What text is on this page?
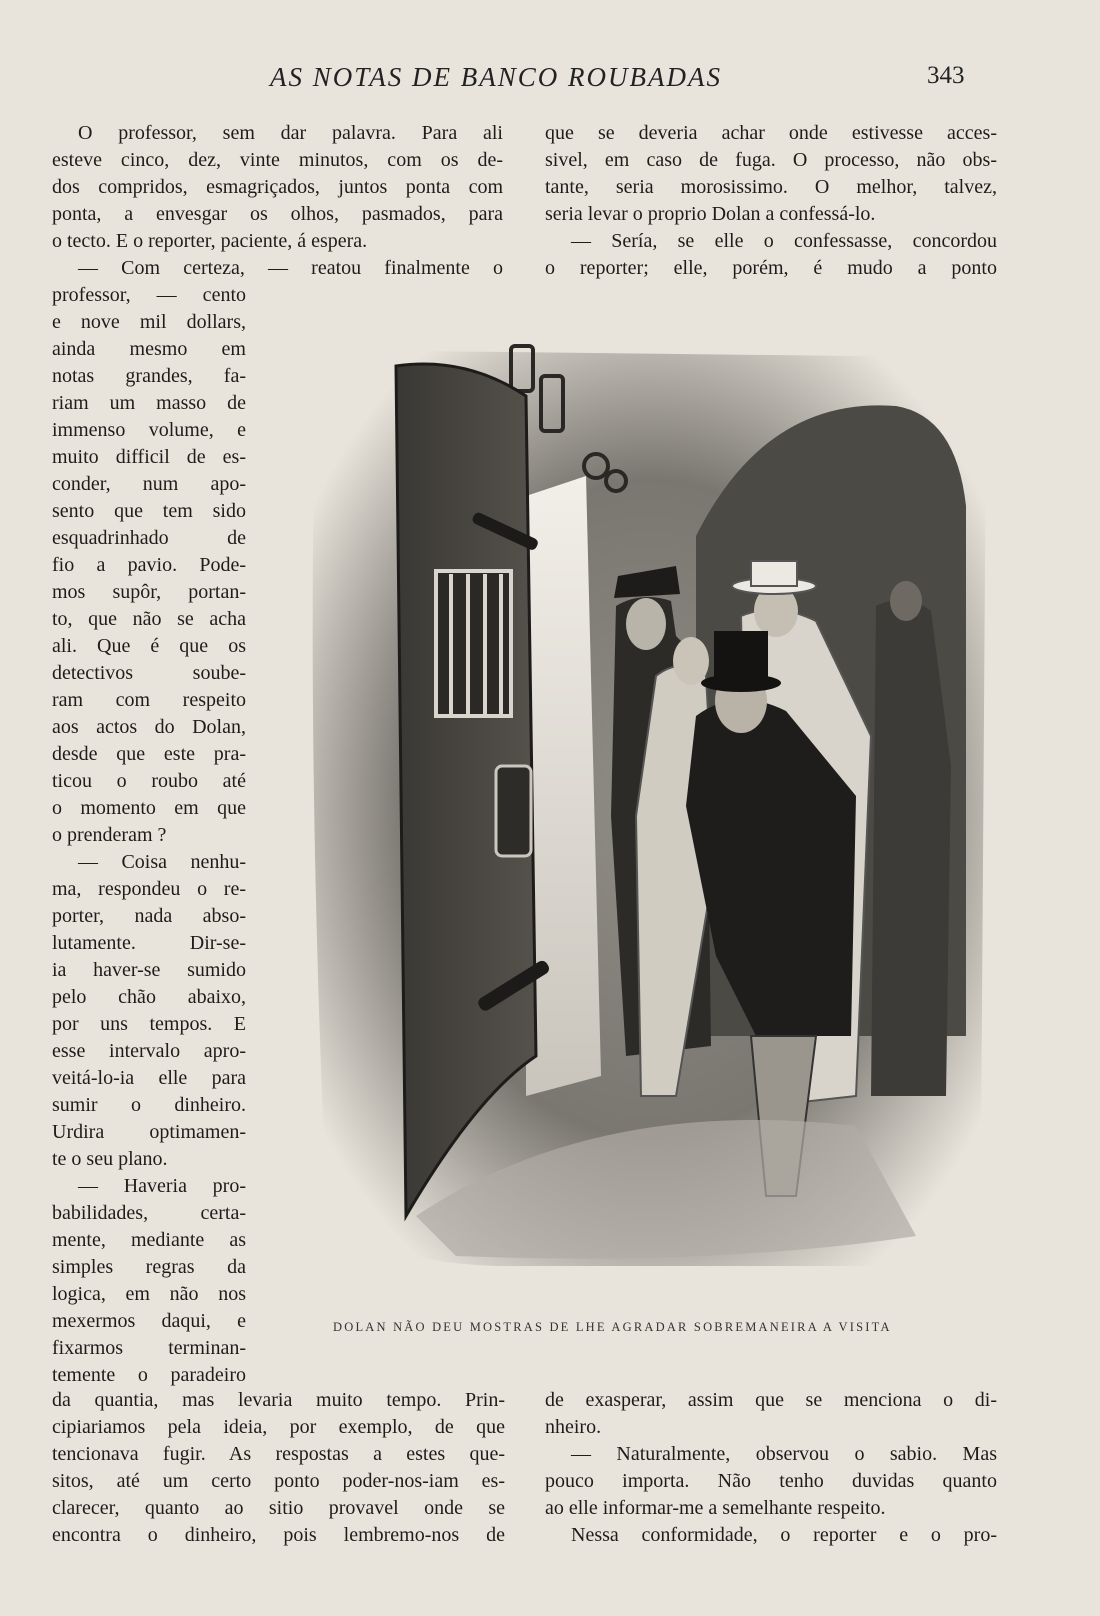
AS NOTAS DE BANCO ROUBADAS	343
O professor, sem dar palavra. Para ali
esteve cinco, dez, vinte minutos, com os de-
dos compridos, esmagriçados, juntos ponta com
ponta, a envesgar os olhos, pasmados, para
o tecto. E o reporter, paciente, á espera.
— Com certeza, — reatou finalmente o
professor, — cento
e nove mil dollars,
ainda mesmo em
notas grandes, fa-
riam um masso de
immenso volume, e
muito difficil de es-
conder, num apo-
sento que tem sido
esquadrinhado de
fio a pavio. Pode-
mos supôr, portan-
to, que não se acha
ali. Que é que os
detectivos soube-
ram com respeito
aos actos do Dolan,
desde que este pra-
ticou o roubo até
o momento em que
o prenderam ?
— Coisa nenhu-
ma, respondeu o re-
porter, nada abso-
lutamente. Dir-se-
ia haver-se sumido
pelo chão abaixo,
por uns tempos. E
esse intervalo apro-
veitá-lo-ia elle para
sumir o dinheiro.
Urdira optimamen-
te o seu plano.
— Haveria pro-
babilidades, certa-
mente, mediante as
simples regras da
logica, em não nos
mexermos daqui, e
fixarmos terminan-
temente o paradeiro
da quantia, mas levaria muito tempo. Prin-
cipiariamos pela ideia, por exemplo, de que
tencionava fugir. As respostas a estes que-
sitos, até um certo ponto poder-nos-iam es-
clarecer, quanto ao sitio provavel onde se
encontra o dinheiro, pois lembremo-nos de
que se deveria achar onde estivesse acces-
sivel, em caso de fuga. O processo, não obs-
tante, seria morosissimo. O melhor, talvez,
seria levar o proprio Dolan a confessá-lo.
— Sería, se elle o confessasse, concordou
o reporter; elle, porém, é mudo a ponto
de exasperar, assim que se menciona o di-
nheiro.
— Naturalmente, observou o sabio. Mas
pouco importa. Não tenho duvidas quanto
ao elle informar-me a semelhante respeito.
Nessa conformidade, o reporter e o pro-
DOLAN NÃO DEU MOSTRAS DE LHE AGRADAR SOBREMANEIRA A VISITA
